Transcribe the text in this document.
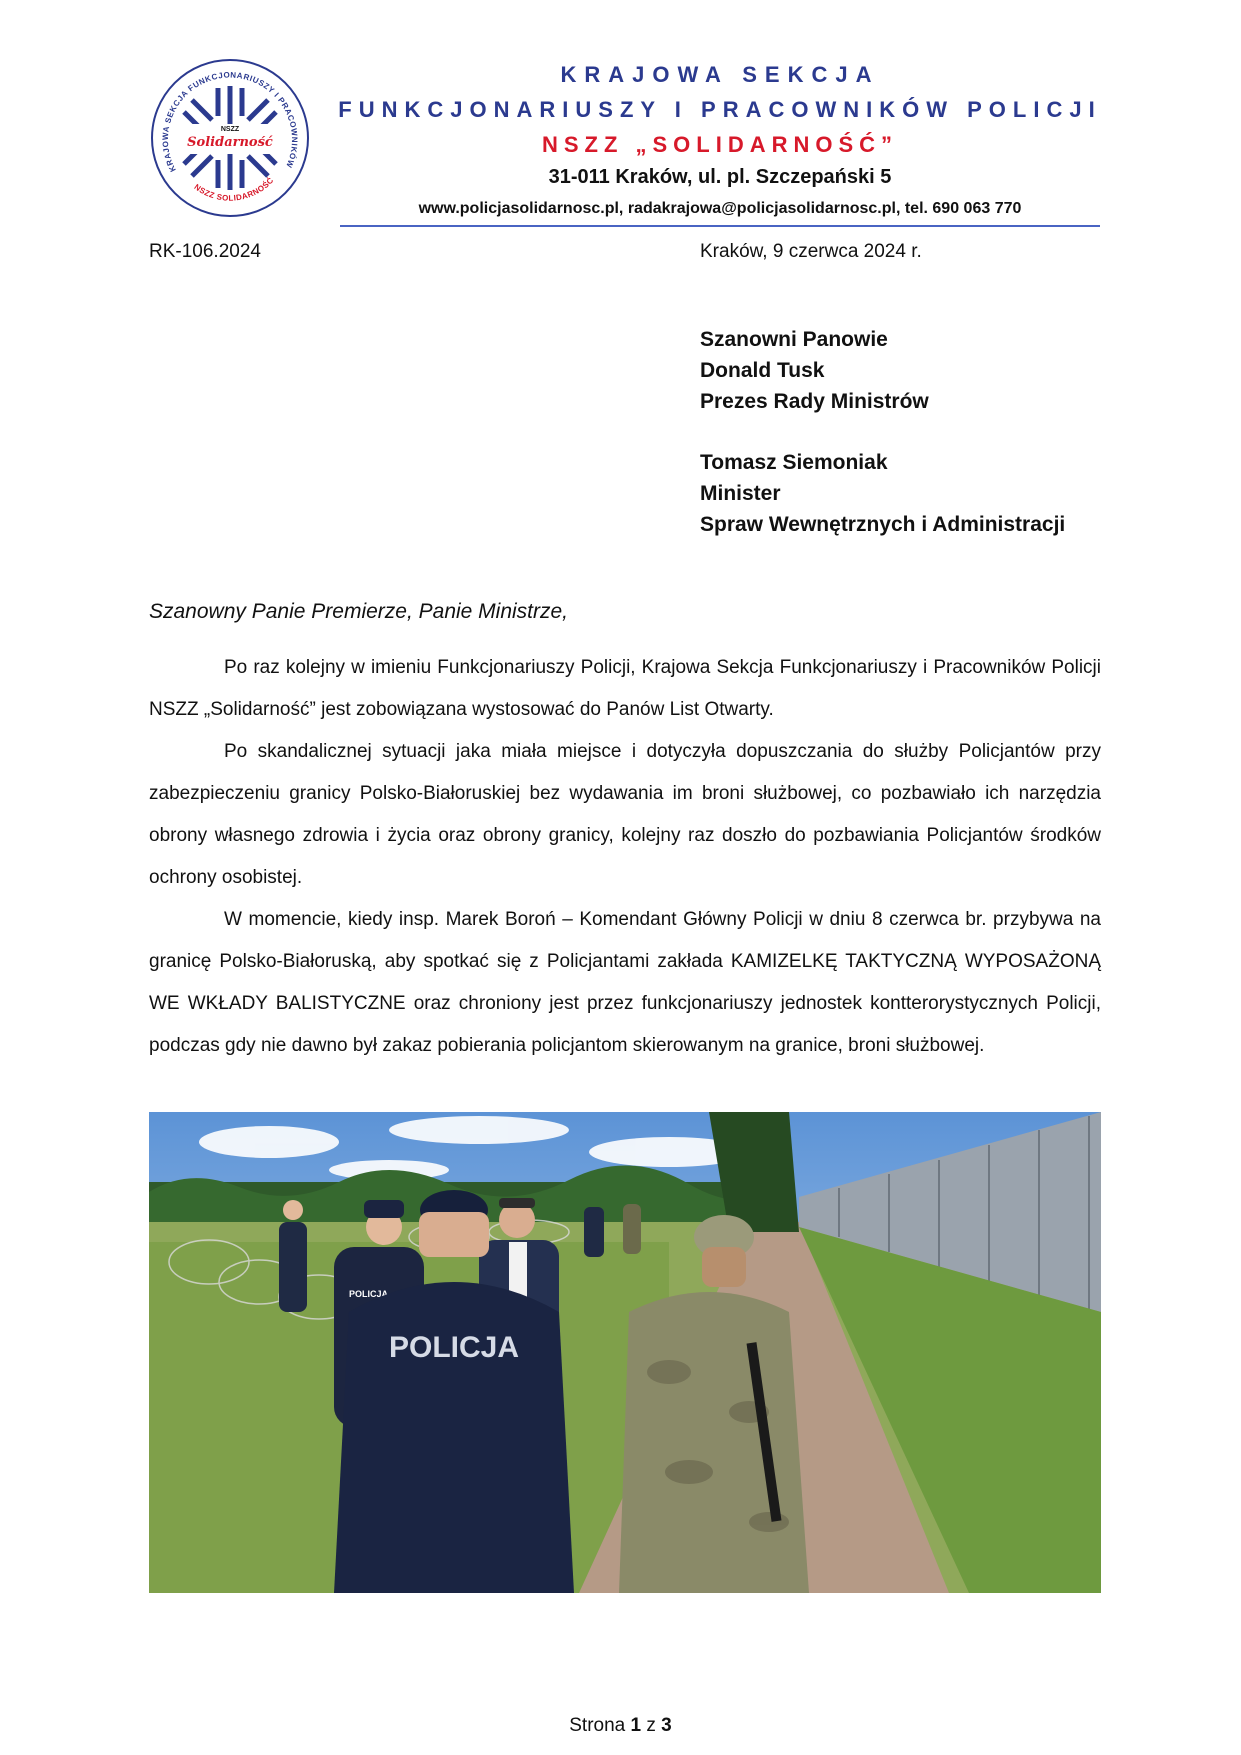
KRAJOWA SEKCJA FUNKCJONARIUSZY I PRACOWNIKÓW
NSZZ SOLIDARNOŚĆ
NSZZ
Solidarność
KRAJOWA SEKCJA
FUNKCJONARIUSZY I PRACOWNIKÓW POLICJI
NSZZ „SOLIDARNOŚĆ”
31-011 Kraków, ul. pl. Szczepański 5
www.policjasolidarnosc.pl, radakrajowa@policjasolidarnosc.pl, tel. 690 063 770
RK-106.2024	Kraków, 9 czerwca 2024 r.
Szanowni Panowie
Donald Tusk
Prezes Rady Ministrów
Tomasz Siemoniak
Minister
Spraw Wewnętrznych i Administracji
Szanowny Panie Premierze, Panie Ministrze,

Po raz kolejny w imieniu Funkcjonariuszy Policji, Krajowa Sekcja Funkcjonariuszy i Pracowników Policji NSZZ „Solidarność” jest zobowiązana wystosować do Panów List Otwarty.

Po skandalicznej sytuacji jaka miała miejsce i dotyczyła dopuszczania do służby Policjantów przy zabezpieczeniu granicy Polsko-Białoruskiej bez wydawania im broni służbowej, co pozbawiało ich narzędzia obrony własnego zdrowia i życia oraz obrony granicy, kolejny raz doszło do pozbawiania Policjantów środków ochrony osobistej.

W momencie, kiedy insp. Marek Boroń – Komendant Główny Policji w dniu 8 czerwca br. przybywa na granicę Polsko-Białoruską, aby spotkać się z Policjantami zakłada KAMIZELKĘ TAKTYCZNĄ WYPOSAŻONĄ WE WKŁADY BALISTYCZNE oraz chroniony jest przez funkcjonariuszy jednostek kontterorystycznych Policji, podczas gdy nie dawno był zakaz pobierania policjantom skierowanym na granice, broni służbowej.

POLICJA
POLICJA
Strona 1 z 3
